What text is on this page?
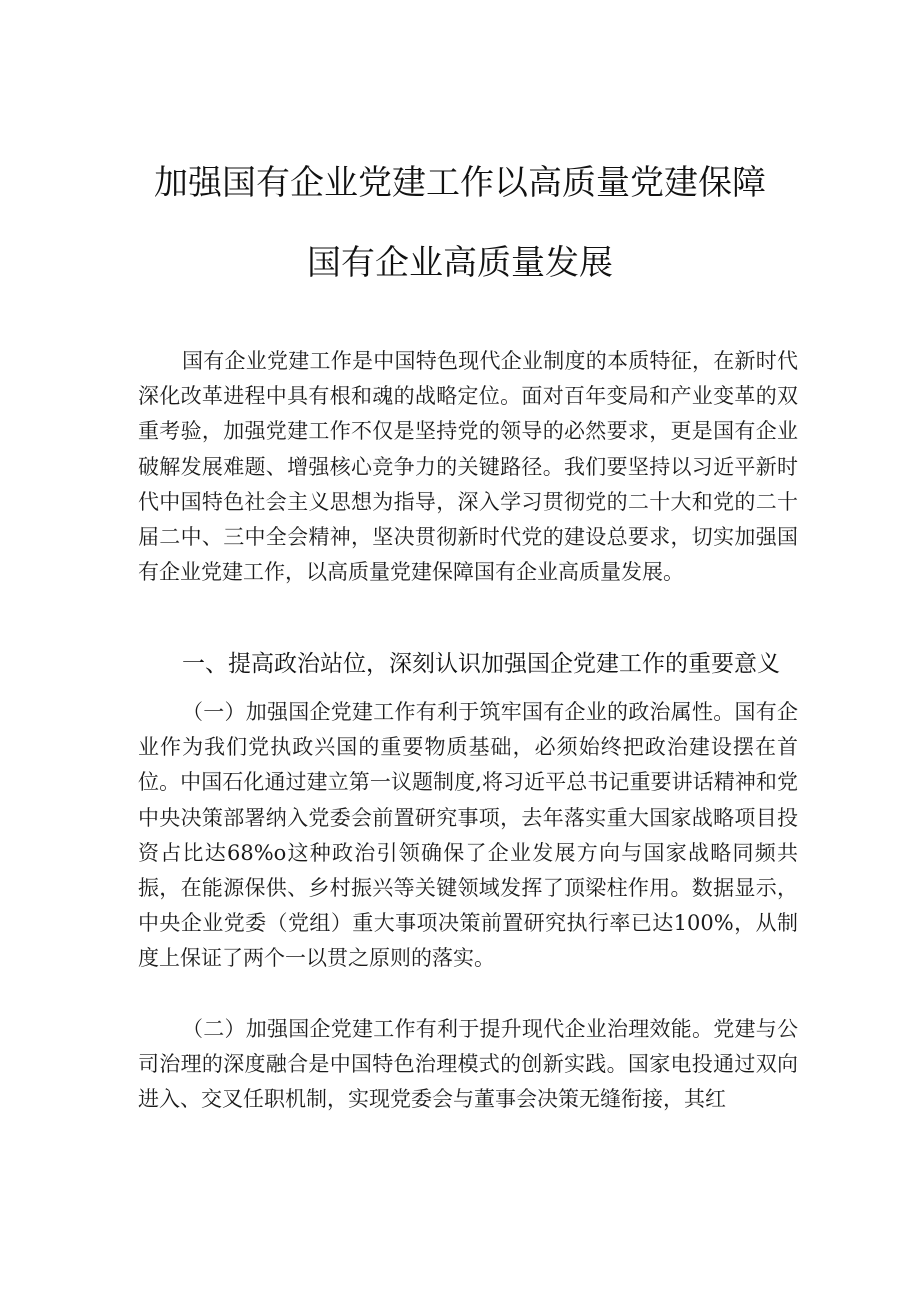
加强国有企业党建工作以高质量党建保障
国有企业高质量发展

国有企业党建工作是中国特色现代企业制度的本质特征，在新时代深化改革进程中具有根和魂的战略定位。面对百年变局和产业变革的双重考验，加强党建工作不仅是坚持党的领导的必然要求，更是国有企业破解发展难题、增强核心竞争力的关键路径。我们要坚持以习近平新时代中国特色社会主义思想为指导，深入学习贯彻党的二十大和党的二十届二中、三中全会精神，坚决贯彻新时代党的建设总要求，切实加强国有企业党建工作，以高质量党建保障国有企业高质量发展。

一、提高政治站位，深刻认识加强国企党建工作的重要意义

（一）加强国企党建工作有利于筑牢国有企业的政治属性。国有企业作为我们党执政兴国的重要物质基础，必须始终把政治建设摆在首位。中国石化通过建立第一议题制度,将习近平总书记重要讲话精神和党中央决策部署纳入党委会前置研究事项，去年落实重大国家战略项目投资占比达68%o这种政治引领确保了企业发展方向与国家战略同频共振，在能源保供、乡村振兴等关键领域发挥了顶梁柱作用。数据显示，中央企业党委（党组）重大事项决策前置研究执行率已达100%，从制度上保证了两个一以贯之原则的落实。

（二）加强国企党建工作有利于提升现代企业治理效能。党建与公司治理的深度融合是中国特色治理模式的创新实践。国家电投通过双向进入、交叉任职机制，实现党委会与董事会决策无缝衔接，其红
